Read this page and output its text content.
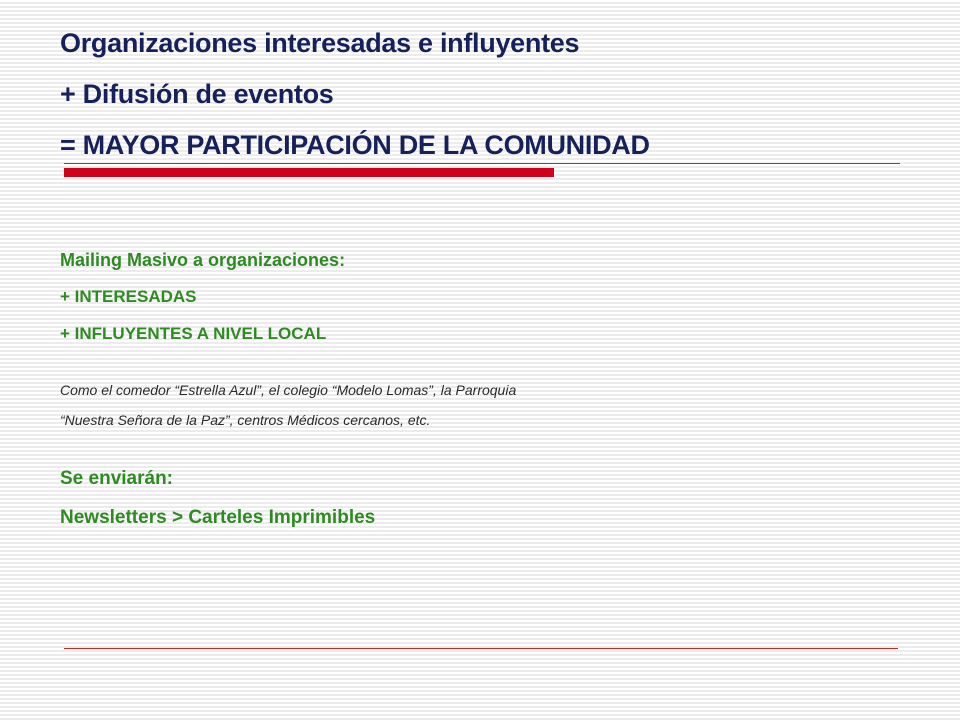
Organizaciones interesadas e influyentes
+ Difusión de eventos
= MAYOR PARTICIPACIÓN DE LA COMUNIDAD
Mailing Masivo a organizaciones:
+ INTERESADAS
+ INFLUYENTES A NIVEL LOCAL
Como el comedor “Estrella Azul”, el colegio “Modelo Lomas”, la Parroquia
“Nuestra Señora de la Paz”, centros Médicos cercanos, etc.
Se enviarán:
Newsletters > Carteles Imprimibles
